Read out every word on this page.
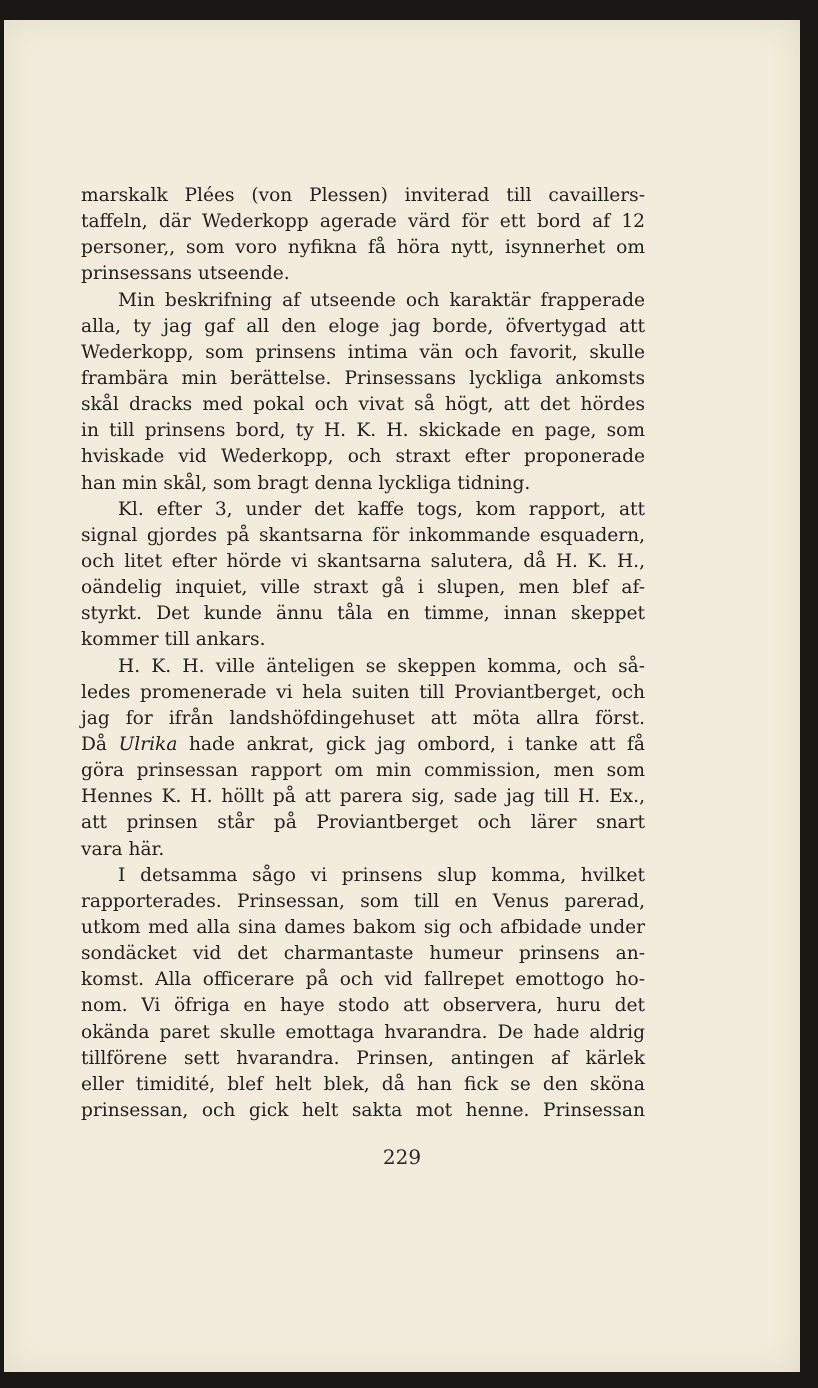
marskalk Plées (von Plessen) inviterad till cavaillers-
taffeln, där Wederkopp agerade värd för ett bord af 12
personer,, som voro nyfikna få höra nytt, isynnerhet om
prinsessans utseende.
Min beskrifning af utseende och karaktär frapperade
alla, ty jag gaf all den eloge jag borde, öfvertygad att
Wederkopp, som prinsens intima vän och favorit, skulle
frambära min berättelse. Prinsessans lyckliga ankomsts
skål dracks med pokal och vivat så högt, att det hördes
in till prinsens bord, ty H. K. H. skickade en page, som
hviskade vid Wederkopp, och straxt efter proponerade
han min skål, som bragt denna lyckliga tidning.
Kl. efter 3, under det kaffe togs, kom rapport, att
signal gjordes på skantsarna för inkommande esquadern,
och litet efter hörde vi skantsarna salutera, då H. K. H.,
oändelig inquiet, ville straxt gå i slupen, men blef af-
styrkt. Det kunde ännu tåla en timme, innan skeppet
kommer till ankars.
H. K. H. ville änteligen se skeppen komma, och så-
ledes promenerade vi hela suiten till Proviantberget, och
jag for ifrån landshöfdingehuset att möta allra först.
Då Ulrika hade ankrat, gick jag ombord, i tanke att få
göra prinsessan rapport om min commission, men som
Hennes K. H. höllt på att parera sig, sade jag till H. Ex.,
att prinsen står på Proviantberget och lärer snart
vara här.
I detsamma sågo vi prinsens slup komma, hvilket
rapporterades. Prinsessan, som till en Venus parerad,
utkom med alla sina dames bakom sig och afbidade under
sondäcket vid det charmantaste humeur prinsens an-
komst. Alla officerare på och vid fallrepet emottogo ho-
nom. Vi öfriga en haye stodo att observera, huru det
okända paret skulle emottaga hvarandra. De hade aldrig
tillförene sett hvarandra. Prinsen, antingen af kärlek
eller timidité, blef helt blek, då han fick se den sköna
prinsessan, och gick helt sakta mot henne. Prinsessan
229
